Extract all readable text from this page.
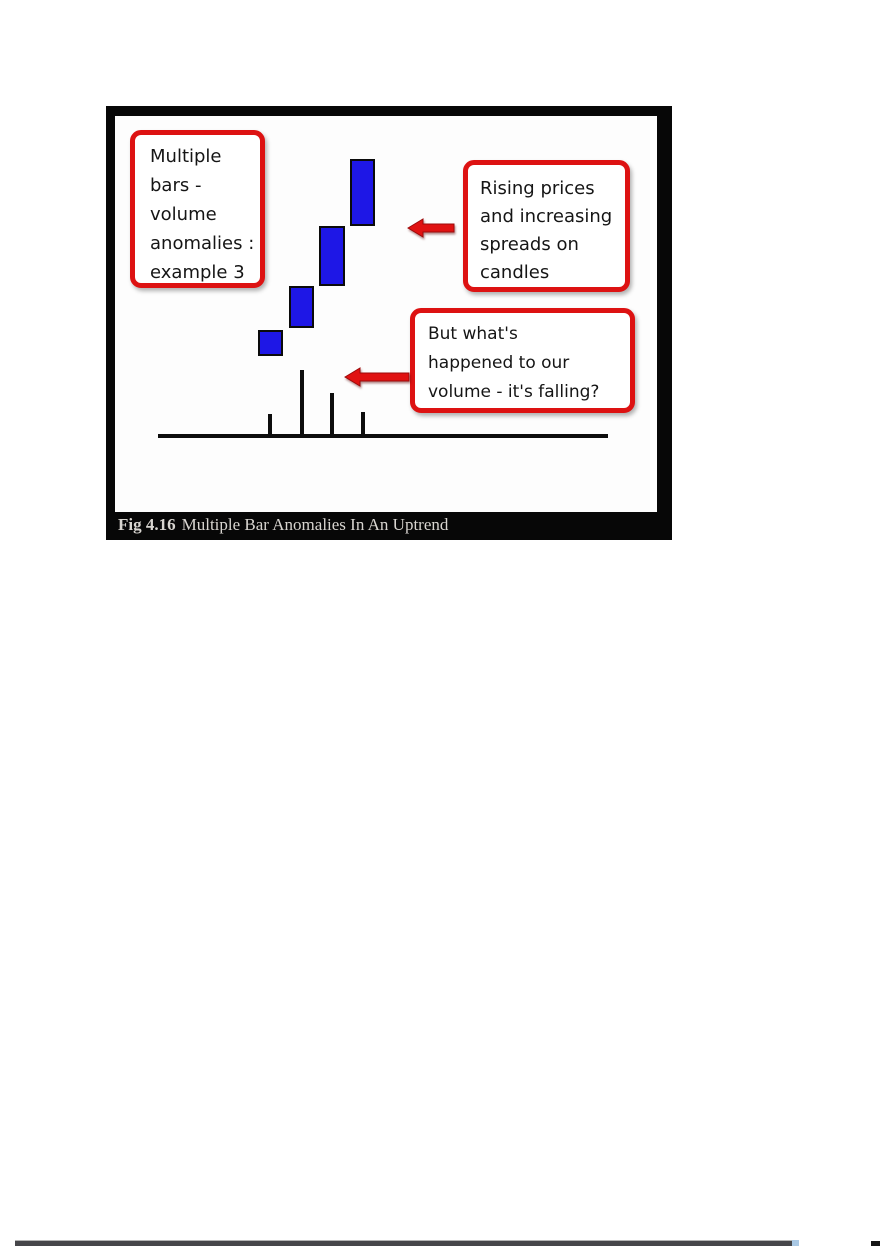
Multiple
bars -
volume
anomalies :
example 3
Rising prices
and increasing
spreads on
candles
But what's
happened to our
volume - it's falling?
Fig 4.16 Multiple Bar Anomalies In An Uptrend
